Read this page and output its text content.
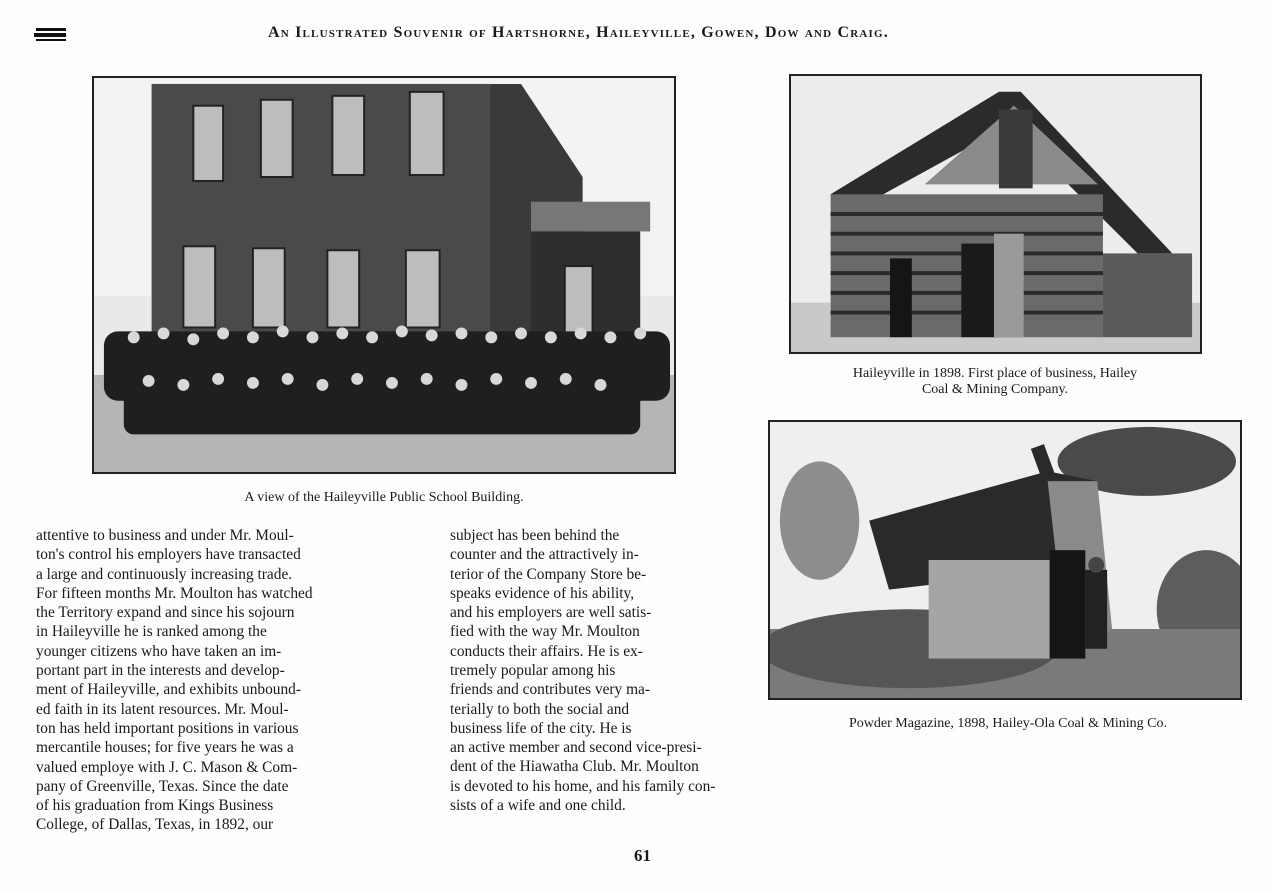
An Illustrated Souvenir of Hartshorne, Haileyville, Gowen, Dow and Craig.
A view of the Haileyville Public School Building.
Haileyville in 1898. First place of business, Hailey
Coal & Mining Company.
Powder Magazine, 1898, Hailey-Ola Coal & Mining Co.
attentive to business and under Mr. Moul-
ton's control his employers have transacted
a large and continuously increasing trade.
For fifteen months Mr. Moulton has watched
the Territory expand and since his sojourn
in Haileyville he is ranked among the
younger citizens who have taken an im-
portant part in the interests and develop-
ment of Haileyville, and exhibits unbound-
ed faith in its latent resources. Mr. Moul-
ton has held important positions in various
mercantile houses; for five years he was a
valued employe with J. C. Mason & Com-
pany of Greenville, Texas. Since the date
of his graduation from Kings Business
College, of Dallas, Texas, in 1892, our
subject has been behind the
counter and the attractively in-
terior of the Company Store be-
speaks evidence of his ability,
and his employers are well satis-
fied with the way Mr. Moulton
conducts their affairs. He is ex-
tremely popular among his
friends and contributes very ma-
terially to both the social and
business life of the city. He is
an active member and second vice-presi-
dent of the Hiawatha Club. Mr. Moulton
is devoted to his home, and his family con-
sists of a wife and one child.
61
